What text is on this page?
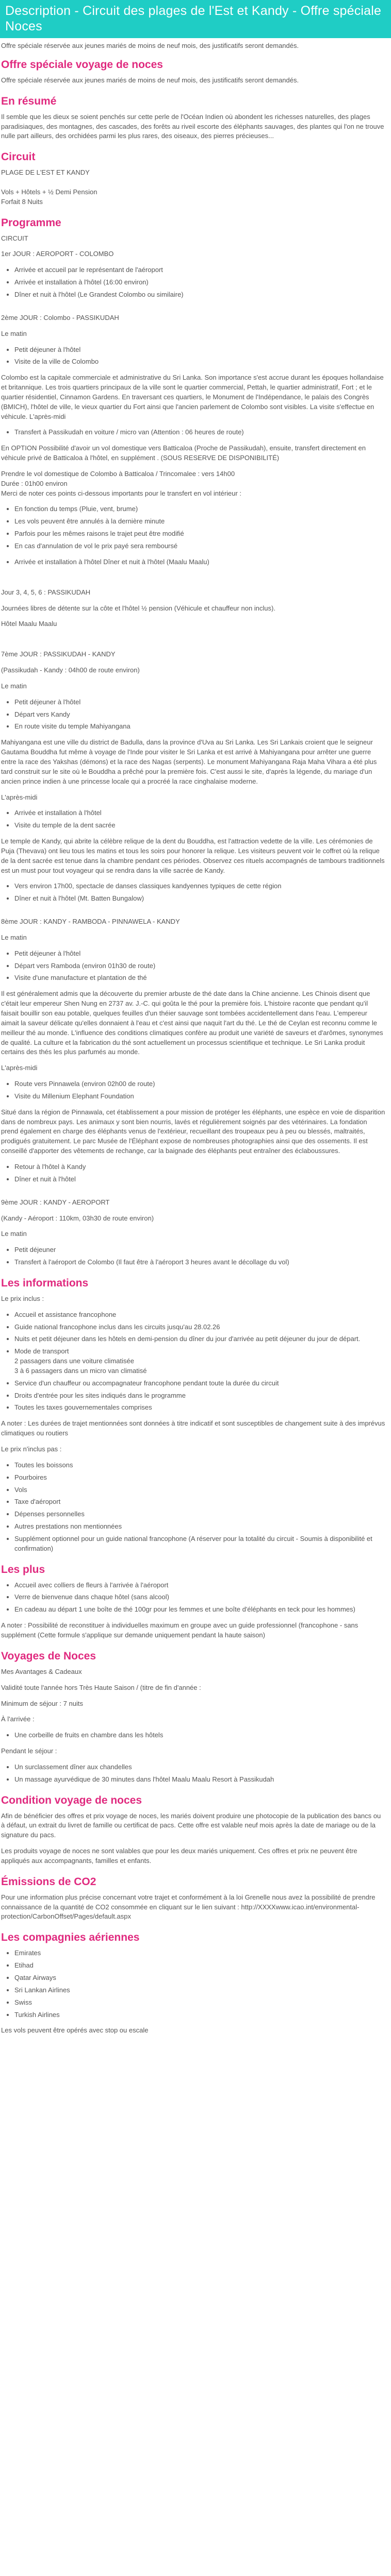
Description - Circuit des plages de l'Est et Kandy - Offre spéciale Noces

Offre spéciale réservée aux jeunes mariés de moins de neuf mois, des justificatifs seront demandés.

Offre spéciale voyage de noces

Offre spéciale réservée aux jeunes mariés de moins de neuf mois, des justificatifs seront demandés.

En résumé

Il semble que les dieux se soient penchés sur cette perle de l'Océan Indien où abondent les richesses naturelles, des plages paradisiaques, des montagnes, des cascades, des forêts au riveil escorte des éléphants sauvages, des plantes qui l'on ne trouve nulle part ailleurs, des orchidées parmi les plus rares, des oiseaux, des pierres précieuses...

Circuit

PLAGE DE L'EST ET KANDY

Vols + Hôtels + ½ Demi Pension
Forfait 8 Nuits

Programme

CIRCUIT

1er JOUR : AEROPORT - COLOMBO

• Arrivée et accueil par le représentant de l'aéroport
• Arrivée et installation à l'hôtel (16:00 environ)
• Dîner et nuit à l'hôtel (Le Grandest Colombo ou similaire)

2ème JOUR : Colombo - PASSIKUDAH

Le matin

• Petit déjeuner à l'hôtel
• Visite de la ville de Colombo

Colombo est la capitale commerciale et administrative du Sri Lanka. Son importance s'est accrue durant les époques hollandaise et britannique. Les trois quartiers principaux de la ville sont le quartier commercial, Pettah, le quartier administratif, Fort ; et le quartier résidentiel, Cinnamon Gardens. En traversant ces quartiers, le Monument de l'Indépendance, le palais des Congrès (BMICH), l'hôtel de ville, le vieux quartier du Fort ainsi que l'ancien parlement de Colombo sont visibles. La visite s'effectue en véhicule. L'après-midi

• Transfert à Passikudah en voiture / micro van (Attention : 06 heures de route)

En OPTION Possibilité d'avoir un vol domestique vers Batticaloa (Proche de Passikudah), ensuite, transfert directement en véhicule privé de Batticaloa à l'hôtel, en supplément . (SOUS RESERVE DE DISPONIBILITÉ)

Prendre le vol domestique de Colombo à Batticaloa / Trincomalee : vers 14h00
Durée : 01h00 environ
Merci de noter ces points ci-dessous importants pour le transfert en vol intérieur :

• En fonction du temps (Pluie, vent, brume)
• Les vols peuvent être annulés à la dernière minute
• Parfois pour les mêmes raisons le trajet peut être modifié
• En cas d'annulation de vol le prix payé sera remboursé
• Arrivée et installation à l'hôtel Dîner et nuit à l'hôtel (Maalu Maalu)

Jour 3, 4, 5, 6 : PASSIKUDAH

Journées libres de détente sur la côte et l'hôtel ½ pension (Véhicule et chauffeur non inclus).

Hôtel Maalu Maalu

7ème JOUR : PASSIKUDAH - KANDY

(Passikudah - Kandy : 04h00 de route environ)

Le matin

• Petit déjeuner à l'hôtel
• Départ vers Kandy
• En route visite du temple Mahiyangana

Mahiyangana est une ville du district de Badulla, dans la province d'Uva au Sri Lanka. Les Sri Lankais croient que le seigneur Gautama Bouddha fut même à voyage de l'Inde pour visiter le Sri Lanka et est arrivé à Mahiyangana pour arrêter une guerre entre la race des Yakshas (démons) et la race des Nagas (serpents). Le monument Mahiyangana Raja Maha Vihara a été plus tard construit sur le site où le Bouddha a prêché pour la première fois. C'est aussi le site, d'après la légende, du mariage d'un ancien prince indien à une princesse locale qui a procréé la race cinghalaise moderne.

L'après-midi

• Arrivée et installation à l'hôtel
• Visite du temple de la dent sacrée

Le temple de Kandy, qui abrite la célèbre relique de la dent du Bouddha, est l'attraction vedette de la ville. Les cérémonies de Puja (Thevava) ont lieu tous les matins et tous les soirs pour honorer la relique. Les visiteurs peuvent voir le coffret où la relique de la dent sacrée est tenue dans la chambre pendant ces périodes. Observez ces rituels accompagnés de tambours traditionnels est un must pour tout voyageur qui se rendra dans la ville sacrée de Kandy.

• Vers environ 17h00, spectacle de danses classiques kandyennes typiques de cette région
• Dîner et nuit à l'hôtel (Mt. Batten Bungalow)

8ème JOUR : KANDY - RAMBODA - PINNAWELA - KANDY

Le matin

• Petit déjeuner à l'hôtel
• Départ vers Ramboda (environ 01h30 de route)
• Visite d'une manufacture et plantation de thé

Il est généralement admis que la découverte du premier arbuste de thé date dans la Chine ancienne. Les Chinois disent que c'était leur empereur Shen Nung en 2737 av. J.-C. qui goûta le thé pour la première fois. L'histoire raconte que pendant qu'il faisait bouillir son eau potable, quelques feuilles d'un théier sauvage sont tombées accidentellement dans l'eau. L'empereur aimait la saveur délicate qu'elles donnaient à l'eau et c'est ainsi que naquit l'art du thé. Le thé de Ceylan est reconnu comme le meilleur thé au monde. L'influence des conditions climatiques confère au produit une variété de saveurs et d'arômes, synonymes de qualité. La culture et la fabrication du thé sont actuellement un processus scientifique et technique. Le Sri Lanka produit certains des thés les plus parfumés au monde.

L'après-midi

• Route vers Pinnawela (environ 02h00 de route)
• Visite du Millenium Elephant Foundation

Situé dans la région de Pinnawala, cet établissement a pour mission de protéger les éléphants, une espèce en voie de disparition dans de nombreux pays. Les animaux y sont bien nourris, lavés et régulièrement soignés par des vétérinaires. La fondation prend également en charge des éléphants venus de l'extérieur, recueillant des troupeaux peu à peu ou blessés, maltraités, prodigués gratuitement. Le parc Musée de l'Éléphant expose de nombreuses photographies ainsi que des ossements. Il est conseillé d'apporter des vêtements de rechange, car la baignade des éléphants peut entraîner des éclaboussures.

• Retour à l'hôtel à Kandy
• Dîner et nuit à l'hôtel

9ème JOUR : KANDY - AEROPORT

(Kandy - Aéroport : 110km, 03h30 de route environ)

Le matin

• Petit déjeuner
• Transfert à l'aéroport de Colombo (Il faut être à l'aéroport 3 heures avant le décollage du vol)
Les informations

Le prix inclus :

• Accueil et assistance francophone
• Guide national francophone inclus dans les circuits jusqu'au 28.02.26
• Nuits et petit déjeuner dans les hôtels en demi-pension du dîner du jour d'arrivée au petit déjeuner du jour de départ.
• Mode de transport
2 passagers dans une voiture climatisée
3 à 6 passagers dans un micro van climatisé
• Service d'un chauffeur ou accompagnateur francophone pendant toute la durée du circuit
• Droits d'entrée pour les sites indiqués dans le programme
• Toutes les taxes gouvernementales comprises

A noter : Les durées de trajet mentionnées sont données à titre indicatif et sont susceptibles de changement suite à des imprévus climatiques ou routiers

Le prix n'inclus pas :

• Toutes les boissons
• Pourboires
• Vols
• Taxe d'aéroport
• Dépenses personnelles
• Autres prestations non mentionnées
• Supplément optionnel pour un guide national francophone (A réserver pour la totalité du circuit - Soumis à disponibilité et confirmation)
Les plus
• Accueil avec colliers de fleurs à l'arrivée à l'aéroport
• Verre de bienvenue dans chaque hôtel (sans alcool)
• En cadeau au départ 1 une boîte de thé 100gr pour les femmes et une boîte d'éléphants en teck pour les hommes)

A noter : Possibilité de reconstituer à individuelles maximum en groupe avec un guide professionnel (francophone - sans supplément (Cette formule s'applique sur demande uniquement pendant la haute saison)

Voyages de Noces

Mes Avantages & Cadeaux

Validité toute l'année hors Très Haute Saison / (titre de fin d'année :

Minimum de séjour : 7 nuits

À l'arrivée :

• Une corbeille de fruits en chambre dans les hôtels

Pendant le séjour :

• Un surclassement dîner aux chandelles
• Un massage ayurvédique de 30 minutes dans l'hôtel Maalu Maalu Resort à Passikudah
Condition voyage de noces

Afin de bénéficier des offres et prix voyage de noces, les mariés doivent produire une photocopie de la publication des bancs ou à défaut, un extrait du livret de famille ou certificat de pacs. Cette offre est valable neuf mois après la date de mariage ou de la signature du pacs.

Les produits voyage de noces ne sont valables que pour les deux mariés uniquement. Ces offres et prix ne peuvent être appliqués aux accompagnants, familles et enfants.

Émissions de CO2

Pour une information plus précise concernant votre trajet et conformément à la loi Grenelle nous avez la possibilité de prendre connaissance de la quantité de CO2 consommée en cliquant sur le lien suivant : http://XXXXwww.icao.int/environmental-protection/CarbonOffset/Pages/default.aspx

Les compagnies aériennes
• Emirates
• Etihad
• Qatar Airways
• Sri Lankan Airlines
• Swiss
• Turkish Airlines

Les vols peuvent être opérés avec stop ou escale
